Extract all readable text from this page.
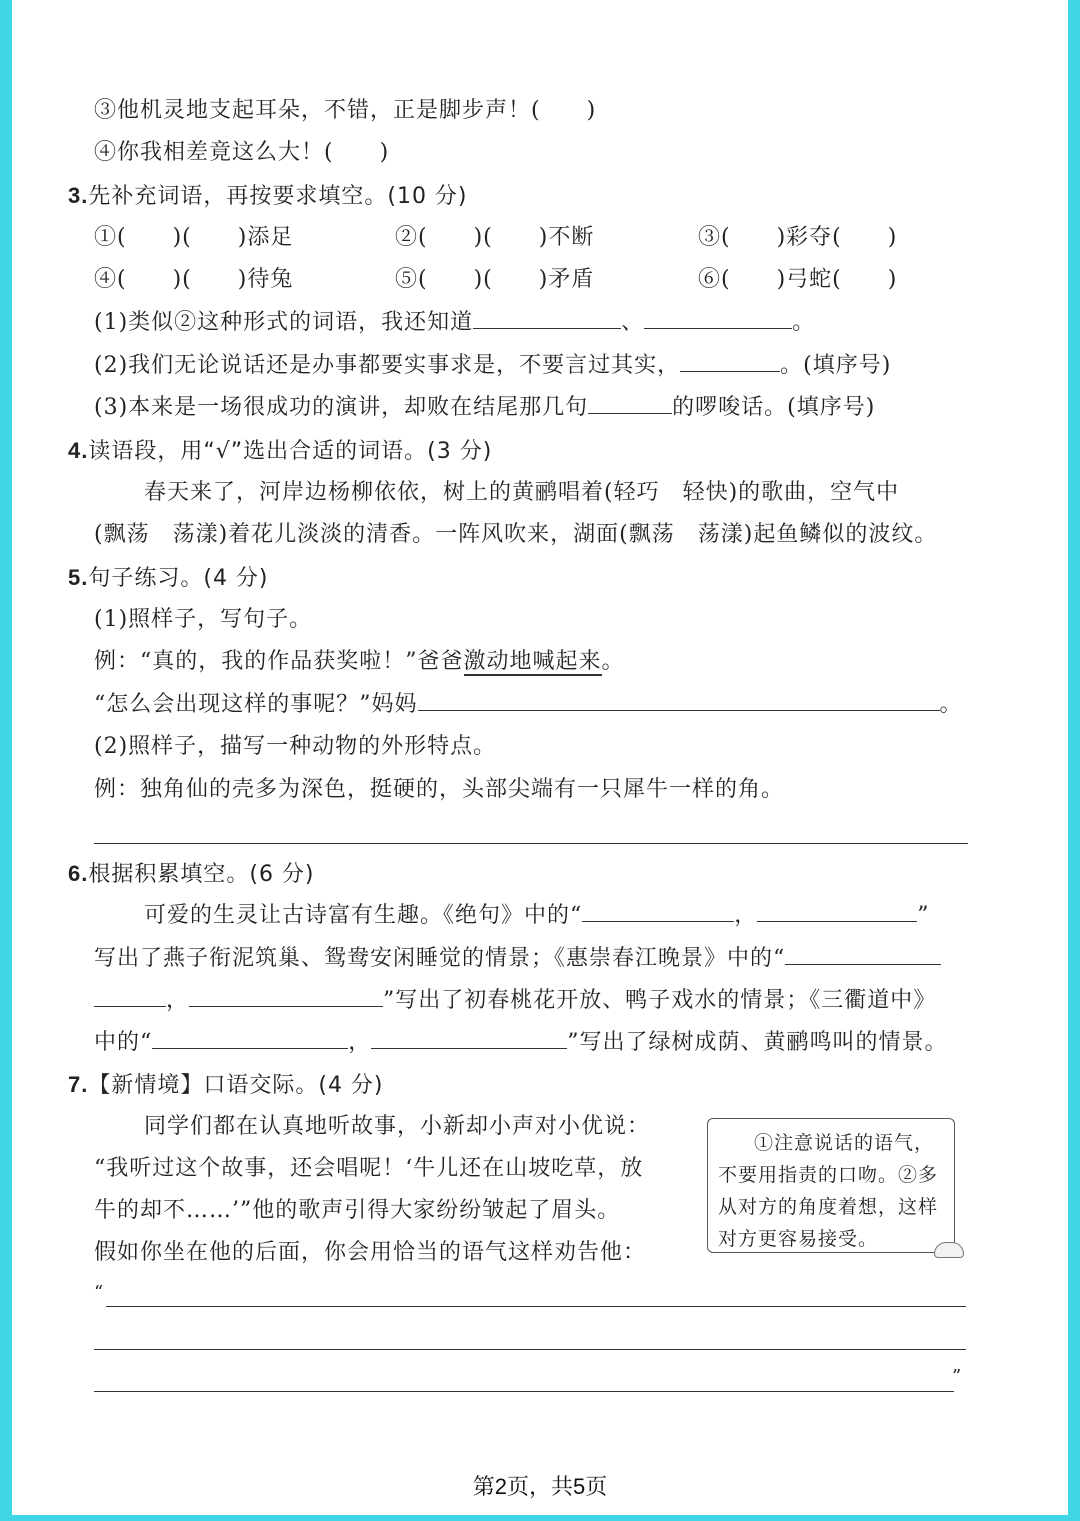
③他机灵地支起耳朵，不错，正是脚步声！(　　)
④你我相差竟这么大！(　　)
3.先补充词语，再按要求填空。(10 分)
①(　　)(　　)添足	②(　　)(　　)不断	③(　　)彩夺(　　)
④(　　)(　　)待兔	⑤(　　)(　　)矛盾	⑥(　　)弓蛇(　　)
(1)类似②这种形式的词语，我还知道	、	。
(2)我们无论说话还是办事都要实事求是，不要言过其实，	。(填序号)
(3)本来是一场很成功的演讲，却败在结尾那几句	的啰唆话。(填序号)
4.读语段，用“√”选出合适的词语。(3 分)
春天来了，河岸边杨柳依依，树上的黄鹂唱着(轻巧　轻快)的歌曲，空气中
(飘荡　荡漾)着花儿淡淡的清香。一阵风吹来，湖面(飘荡　荡漾)起鱼鳞似的波纹。
5.句子练习。(4 分)
(1)照样子，写句子。
例：“真的，我的作品获奖啦！”爸爸激动地喊起来。
“怎么会出现这样的事呢？”妈妈	。
(2)照样子，描写一种动物的外形特点。
例：独角仙的壳多为深色，挺硬的，头部尖端有一只犀牛一样的角。
6.根据积累填空。(6 分)
可爱的生灵让古诗富有生趣。《绝句》中的“	，	”
写出了燕子衔泥筑巢、鸳鸯安闲睡觉的情景；《惠崇春江晚景》中的“
，	”写出了初春桃花开放、鸭子戏水的情景；《三衢道中》
中的“	，	”写出了绿树成荫、黄鹂鸣叫的情景。
7.【新情境】口语交际。(4 分)
同学们都在认真地听故事，小新却小声对小优说：
“我听过这个故事，还会唱呢！‘牛儿还在山坡吃草，放
牛的却不……’”他的歌声引得大家纷纷皱起了眉头。
假如你坐在他的后面，你会用恰当的语气这样劝告他：
①注意说话的语气，
不要用指责的口吻。②多
从对方的角度着想，这样
对方更容易接受。
“
”
第2页，共5页
